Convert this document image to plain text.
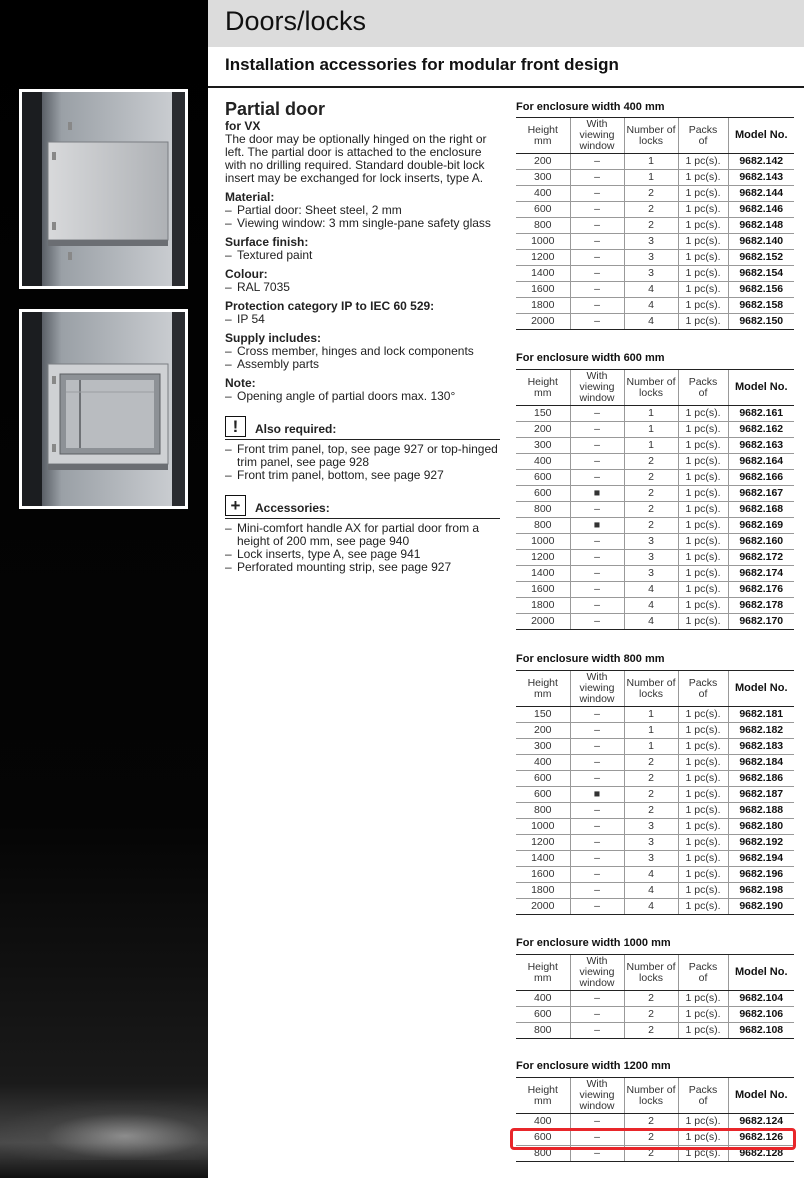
Doors/locks
Installation accessories for modular front design
Partial door
for VX

The door may be optionally hinged on the right or left. The partial door is attached to the enclosure with no drilling required. Standard double-bit lock insert may be exchanged for lock inserts, type A.

Material:
– Partial door: Sheet steel, 2 mm
– Viewing window: 3 mm single-pane safety glass
Surface finish:
– Textured paint
Colour:
– RAL 7035
Protection category IP to IEC 60 529:
– IP 54
Supply includes:
– Cross member, hinges and lock components
– Assembly parts
Note:
– Opening angle of partial doors max. 130°
!	Also required:
– Front trim panel, top, see page 927 or top-hinged trim panel, see page 928
– Front trim panel, bottom, see page 927
+	Accessories:
– Mini-comfort handle AX for partial door from a height of 200 mm, see page 940
– Lock inserts, type A, see page 941
– Perforated mounting strip, see page 927
For enclosure width 400 mm
Height
mm	With
viewing
window	Number of
locks	Packs
of	Model No.
200	–	1	1 pc(s).	9682.142
300	–	1	1 pc(s).	9682.143
400	–	2	1 pc(s).	9682.144
600	–	2	1 pc(s).	9682.146
800	–	2	1 pc(s).	9682.148
1000	–	3	1 pc(s).	9682.140
1200	–	3	1 pc(s).	9682.152
1400	–	3	1 pc(s).	9682.154
1600	–	4	1 pc(s).	9682.156
1800	–	4	1 pc(s).	9682.158
2000	–	4	1 pc(s).	9682.150
For enclosure width 600 mm
Height
mm	With
viewing
window	Number of
locks	Packs
of	Model No.
150	–	1	1 pc(s).	9682.161
200	–	1	1 pc(s).	9682.162
300	–	1	1 pc(s).	9682.163
400	–	2	1 pc(s).	9682.164
600	–	2	1 pc(s).	9682.166
600	■	2	1 pc(s).	9682.167
800	–	2	1 pc(s).	9682.168
800	■	2	1 pc(s).	9682.169
1000	–	3	1 pc(s).	9682.160
1200	–	3	1 pc(s).	9682.172
1400	–	3	1 pc(s).	9682.174
1600	–	4	1 pc(s).	9682.176
1800	–	4	1 pc(s).	9682.178
2000	–	4	1 pc(s).	9682.170
For enclosure width 800 mm
Height
mm	With
viewing
window	Number of
locks	Packs
of	Model No.
150	–	1	1 pc(s).	9682.181
200	–	1	1 pc(s).	9682.182
300	–	1	1 pc(s).	9682.183
400	–	2	1 pc(s).	9682.184
600	–	2	1 pc(s).	9682.186
600	■	2	1 pc(s).	9682.187
800	–	2	1 pc(s).	9682.188
1000	–	3	1 pc(s).	9682.180
1200	–	3	1 pc(s).	9682.192
1400	–	3	1 pc(s).	9682.194
1600	–	4	1 pc(s).	9682.196
1800	–	4	1 pc(s).	9682.198
2000	–	4	1 pc(s).	9682.190
For enclosure width 1000 mm
Height
mm	With
viewing
window	Number of
locks	Packs
of	Model No.
400	–	2	1 pc(s).	9682.104
600	–	2	1 pc(s).	9682.106
800	–	2	1 pc(s).	9682.108
For enclosure width 1200 mm
Height
mm	With
viewing
window	Number of
locks	Packs
of	Model No.
400	–	2	1 pc(s).	9682.124
600	–	2	1 pc(s).	9682.126
800	–	2	1 pc(s).	9682.128
